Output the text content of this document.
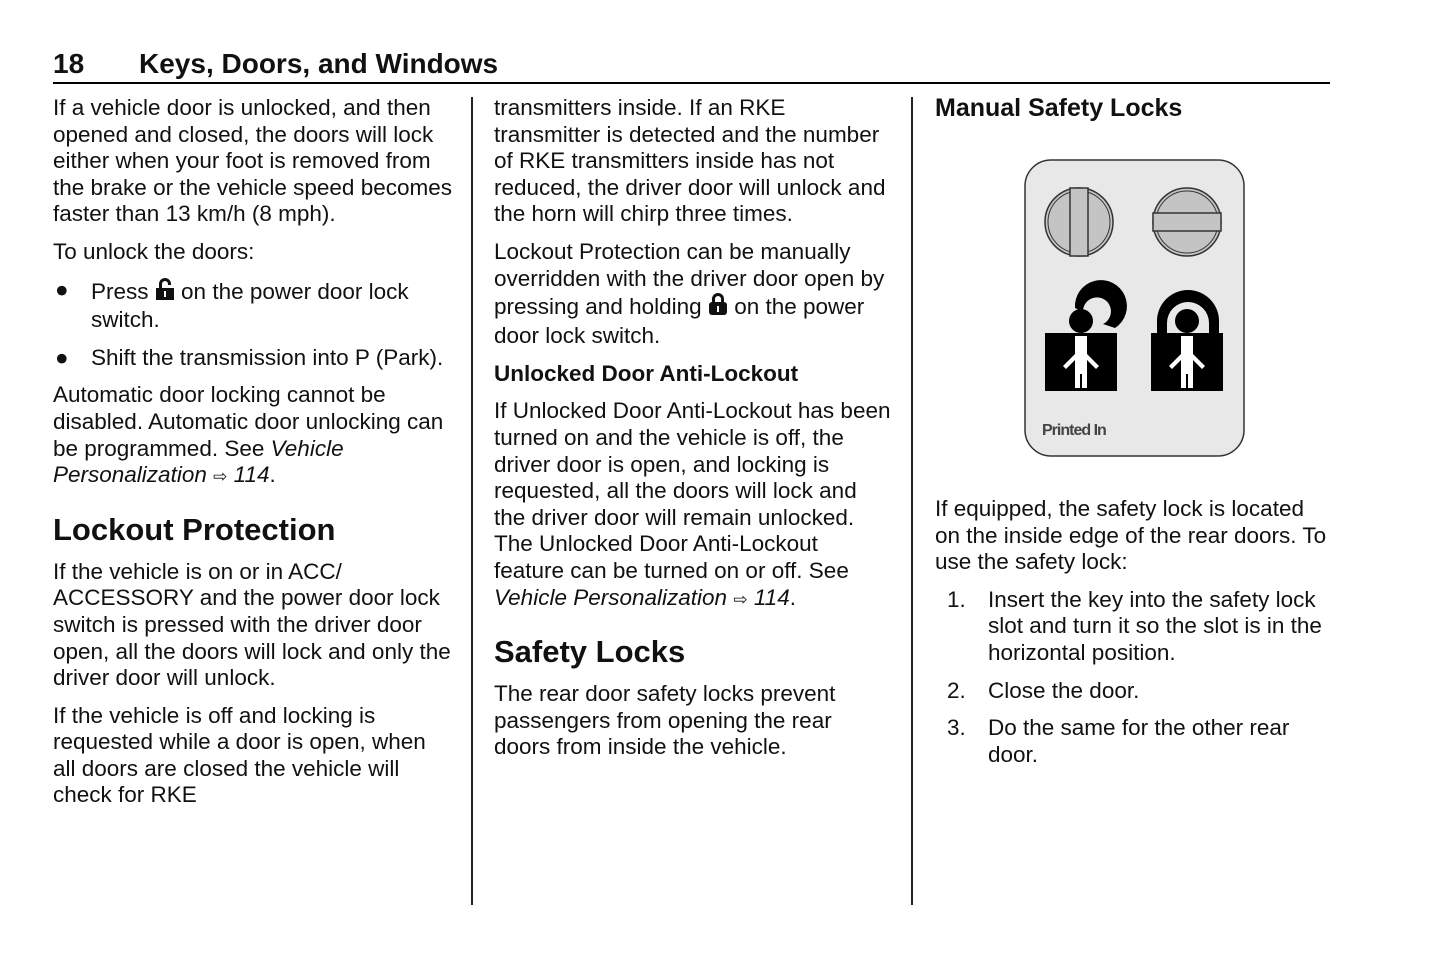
18 Keys, Doors, and Windows

If a vehicle door is unlocked, and then opened and closed, the doors will lock either when your foot is removed from the brake or the vehicle speed becomes faster than 13 km/h (8 mph).

To unlock the doors:

● Press on the power door lock switch.
● Shift the transmission into P (Park).

Automatic door locking cannot be disabled. Automatic door unlocking can be programmed. See Vehicle Personalization ⇨ 114.

Lockout Protection

If the vehicle is on or in ACC/ ACCESSORY and the power door lock switch is pressed with the driver door open, all the doors will lock and only the driver door will unlock.

If the vehicle is off and locking is requested while a door is open, when all doors are closed the vehicle will check for RKE

transmitters inside. If an RKE transmitter is detected and the number of RKE transmitters inside has not reduced, the driver door will unlock and the horn will chirp three times.

Lockout Protection can be manually overridden with the driver door open by pressing and holding on the power door lock switch.

Unlocked Door Anti-Lockout

If Unlocked Door Anti-Lockout has been turned on and the vehicle is off, the driver door is open, and locking is requested, all the doors will lock and the driver door will remain unlocked. The Unlocked Door Anti-Lockout feature can be turned on or off. See Vehicle Personalization ⇨ 114.

Safety Locks

The rear door safety locks prevent passengers from opening the rear doors from inside the vehicle.

Manual Safety Locks
Printed In

If equipped, the safety lock is located on the inside edge of the rear doors. To use the safety lock:

1. Insert the key into the safety lock slot and turn it so the slot is in the horizontal position.
2. Close the door.
3. Do the same for the other rear door.
